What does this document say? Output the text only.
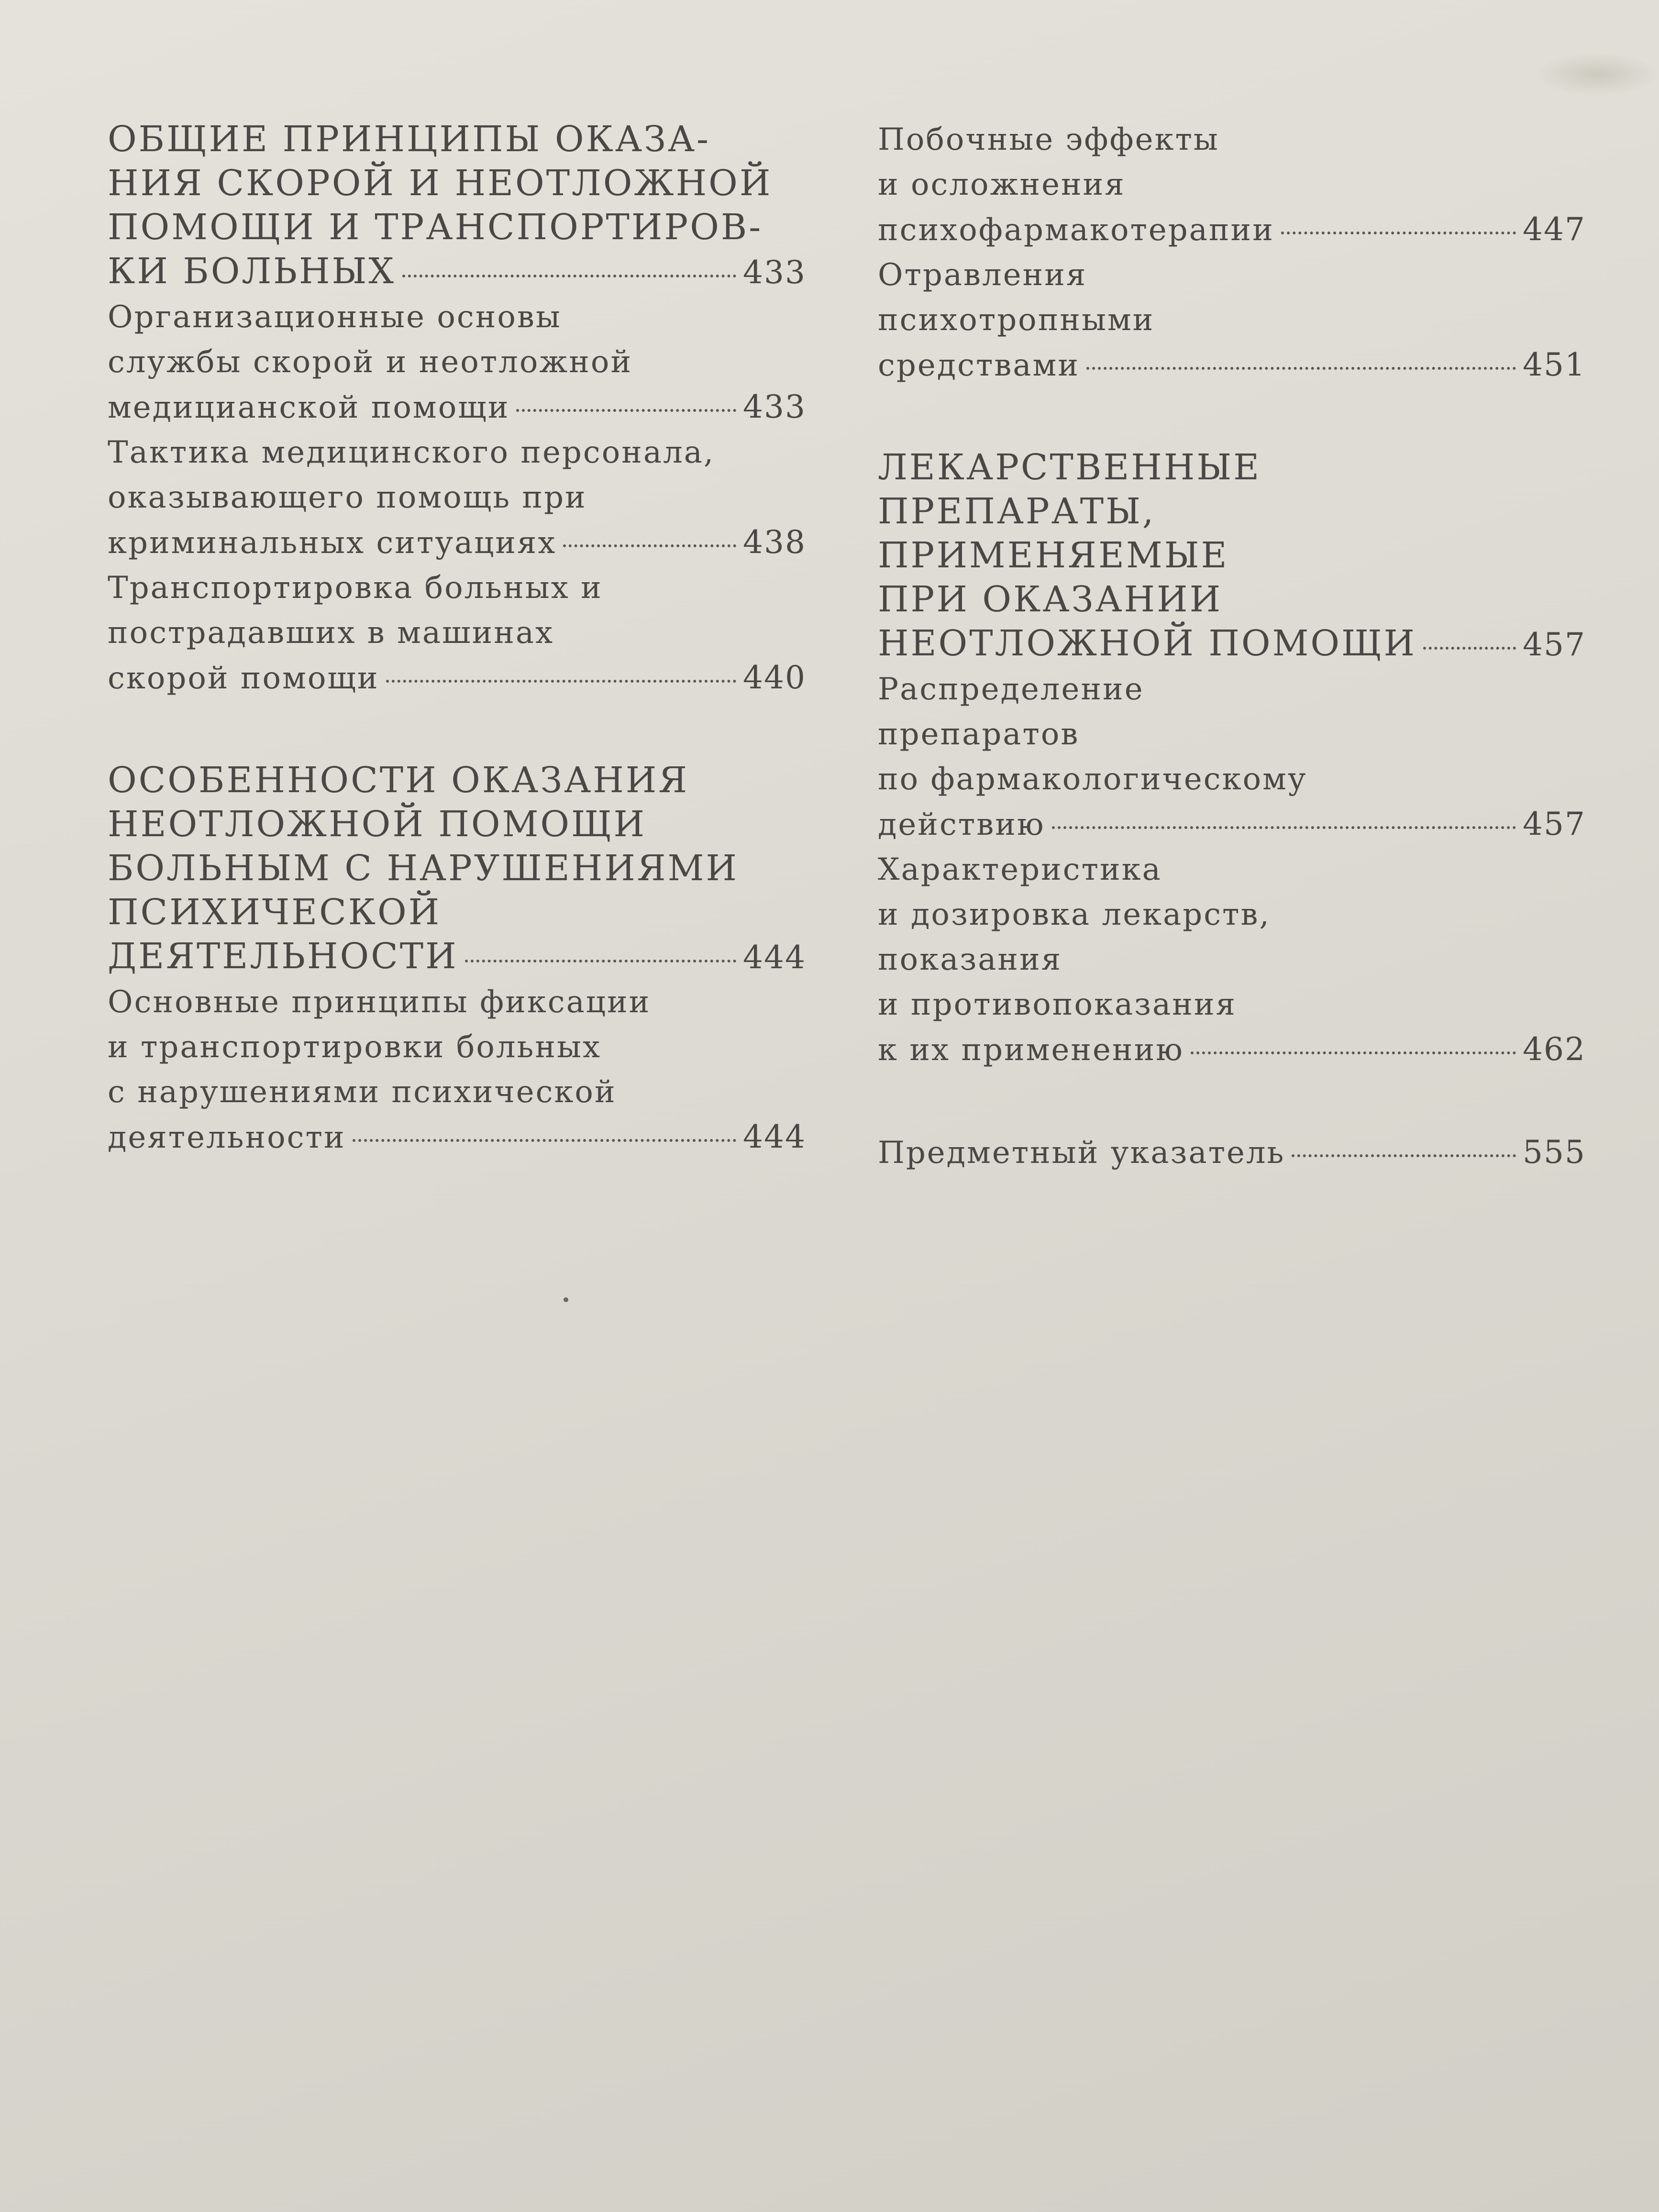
ОБЩИЕ ПРИНЦИПЫ ОКАЗА-
НИЯ СКОРОЙ И НЕОТЛОЖНОЙ
ПОМОЩИ И ТРАНСПОРТИРОВ-
КИ БОЛЬНЫХ	433
Организационные основы
службы скорой и неотложной
медициaнской помощи	433
Тактика медицинского персонала,
оказывающего помощь при
криминальных ситуациях	438
Транспортировка больных и
пострадавших в машинах
скорой помощи	440
ОСОБЕННОСТИ ОКАЗАНИЯ
НЕОТЛОЖНОЙ ПОМОЩИ
БОЛЬНЫМ С НАРУШЕНИЯМИ
ПСИХИЧЕСКОЙ
ДЕЯТЕЛЬНОСТИ	444
Основные принципы фиксации
и транспортировки больных
с нарушениями психической
деятельности	444
Побочные эффекты
и осложнения
психофармакотерапии	447
Отравления
психотропными
средствами	451
ЛЕКАРСТВЕННЫЕ
ПРЕПАРАТЫ,
ПРИМЕНЯЕМЫЕ
ПРИ ОКАЗАНИИ
НЕОТЛОЖНОЙ ПОМОЩИ	457
Распределение
препаратов
по фармакологическому
действию	457
Характеристика
и дозировка лекарств,
показания
и противопоказания
к их применению	462
Предметный указатель	555
